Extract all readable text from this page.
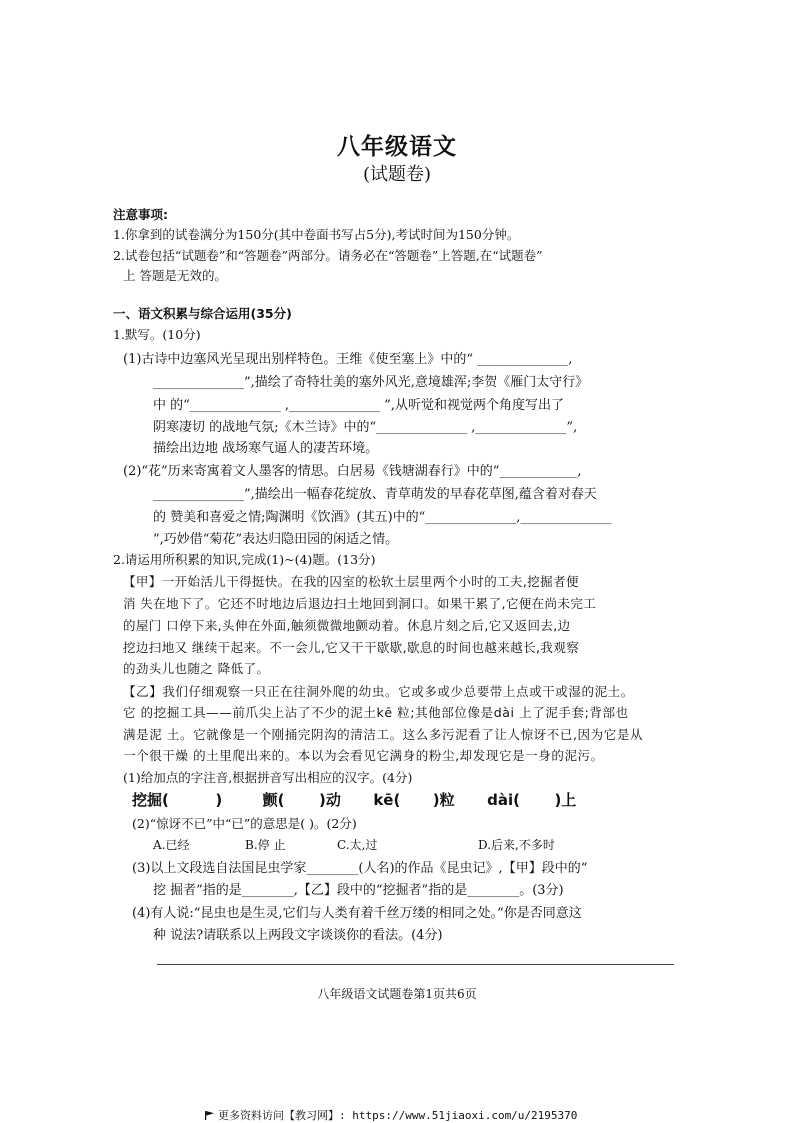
八年级语文
(试题卷)
注意事项:
1.你拿到的试卷满分为150分(其中卷面书写占5分),考试时间为150分钟。
2.试卷包括“试题卷”和“答题卷”两部分。请务必在“答题卷”上答题,在“试题卷”
上 答题是无效的。
一、语文积累与综合运用(35分)
1.默写。(10分)
(1)古诗中边塞风光呈现出别样特色。王维《使至塞上》中的“ ______________,
______________”,描绘了奇特壮美的塞外风光,意境雄浑;李贺《雁门太守行》
中 的“______________ ,______________ ”,从听觉和视觉两个角度写出了
阴寒凄切 的战地气氛;《木兰诗》中的“______________ ,______________”,
描绘出边地 战场寒气逼人的凄苦环境。
(2)“花”历来寄寓着文人墨客的情思。白居易《钱塘湖春行》中的“____________,
______________”,描绘出一幅春花绽放、青草萌发的早春花草图,蕴含着对春天
的 赞美和喜爱之情;陶渊明《饮酒》(其五)中的“______________,______________
”,巧妙借“菊花”表达归隐田园的闲适之情。
2.请运用所积累的知识,完成(1)~(4)题。(13分)
【甲】一开始活儿干得挺快。在我的囚室的松软土层里两个小时的工夫,挖掘者便
消 失在地下了。它还不时地边后退边扫土地回到洞口。如果干累了,它便在尚未完工
的屋门 口停下来,头伸在外面,触须微微地颤动着。休息片刻之后,它又返回去,边
挖边扫地又 继续干起来。不一会儿,它又干干歇歇,歇息的时间也越来越长,我观察
的劲头儿也随之 降低了。
【乙】我们仔细观察一只正在往洞外爬的幼虫。它或多或少总要带上点或干或湿的泥土。
它 的挖掘工具——前爪尖上沾了不少的泥土kē 粒;其他部位像是dài 上了泥手套;背部也
满是泥 土。它就像是一个刚捅完阴沟的清洁工。这么多污泥看了让人惊讶不已,因为它是从
一个很干燥 的土里爬出来的。本以为会看见它满身的粉尘,却发现它是一身的泥污。
(1)给加点的字注音,根据拼音写出相应的汉字。(4分)
挖掘(	)	颤( )动 kē( )粒 dài( )上
(2)“惊讶不已”中“已”的意思是( )。(2分)
A.已经	B.停 止	C.太,过	D.后来,不多时
(3)以上文段选自法国昆虫学家________(人名)的作品《昆虫记》,【甲】段中的“
挖 掘者”指的是________,【乙】段中的“挖掘者”指的是________。(3分)
(4)有人说:“昆虫也是生灵,它们与人类有着千丝万缕的相同之处。”你是否同意这
种 说法?请联系以上两段文字谈谈你的看法。(4分)
八年级语文试题卷第1页共6页
更多资料访问【教习网】: https://www.51jiaoxi.com/u/2195370
